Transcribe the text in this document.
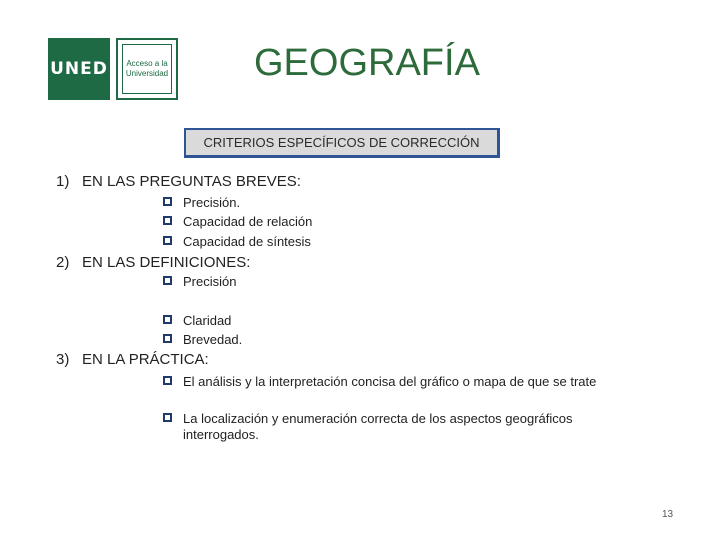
UNED Acceso a la
Universidad GEOGRAFÍA
CRITERIOS ESPECÍFICOS DE CORRECCIÓN
1) EN LAS PREGUNTAS BREVES:
Precisión.
Capacidad de relación
Capacidad de síntesis
2) EN LAS DEFINICIONES:
Precisión
Claridad
Brevedad.
3) EN LA PRÁCTICA:
El análisis y la interpretación concisa del gráfico o mapa de que se trate
La localización y enumeración correcta de los aspectos geográficos interrogados.
13
